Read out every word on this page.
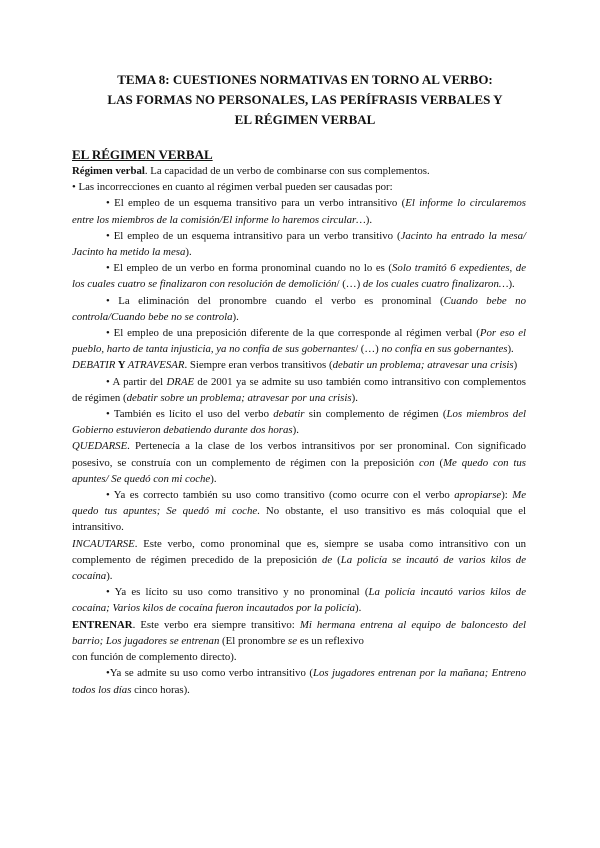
TEMA 8: CUESTIONES NORMATIVAS EN TORNO AL VERBO:
LAS FORMAS NO PERSONALES, LAS PERÍFRASIS VERBALES Y
EL RÉGIMEN VERBAL

EL RÉGIMEN VERBAL

Régimen verbal. La capacidad de un verbo de combinarse con sus complementos.

• Las incorrecciones en cuanto al régimen verbal pueden ser causadas por:

• El empleo de un esquema transitivo para un verbo intransitivo (El informe lo circularemos entre los miembros de la comisión/El informe lo haremos circular…).

• El empleo de un esquema intransitivo para un verbo transitivo (Jacinto ha entrado la mesa/ Jacinto ha metido la mesa).

• El empleo de un verbo en forma pronominal cuando no lo es (Solo tramitó 6 expedientes, de los cuales cuatro se finalizaron con resolución de demolición/ (…) de los cuales cuatro finalizaron…).

• La eliminación del pronombre cuando el verbo es pronominal (Cuando bebe no controla/Cuando bebe no se controla).

• El empleo de una preposición diferente de la que corresponde al régimen verbal (Por eso el pueblo, harto de tanta injusticia, ya no confía de sus gobernantes/ (…) no confía en sus gobernantes).

DEBATIR Y ATRAVESAR. Siempre eran verbos transitivos (debatir un problema; atravesar una crisis)

• A partir del DRAE de 2001 ya se admite su uso también como intransitivo con complementos de régimen (debatir sobre un problema; atravesar por una crisis).

• También es lícito el uso del verbo debatir sin complemento de régimen (Los miembros del Gobierno estuvieron debatiendo durante dos horas).

QUEDARSE. Pertenecía a la clase de los verbos intransitivos por ser pronominal. Con significado posesivo, se construía con un complemento de régimen con la preposición con (Me quedo con tus apuntes/ Se quedó con mi coche).

• Ya es correcto también su uso como transitivo (como ocurre con el verbo apropiarse): Me quedo tus apuntes; Se quedó mi coche. No obstante, el uso transitivo es más coloquial que el intransitivo.

INCAUTARSE. Este verbo, como pronominal que es, siempre se usaba como intransitivo con un complemento de régimen precedido de la preposición de (La policía se incautó de varios kilos de cocaína).

• Ya es lícito su uso como transitivo y no pronominal (La policía incautó varios kilos de cocaína; Varios kilos de cocaína fueron incautados por la policía).

ENTRENAR. Este verbo era siempre transitivo: Mi hermana entrena al equipo de baloncesto del barrio; Los jugadores se entrenan (El pronombre se es un reflexivo

con función de complemento directo).

•Ya se admite su uso como verbo intransitivo (Los jugadores entrenan por la mañana; Entreno todos los días cinco horas).
